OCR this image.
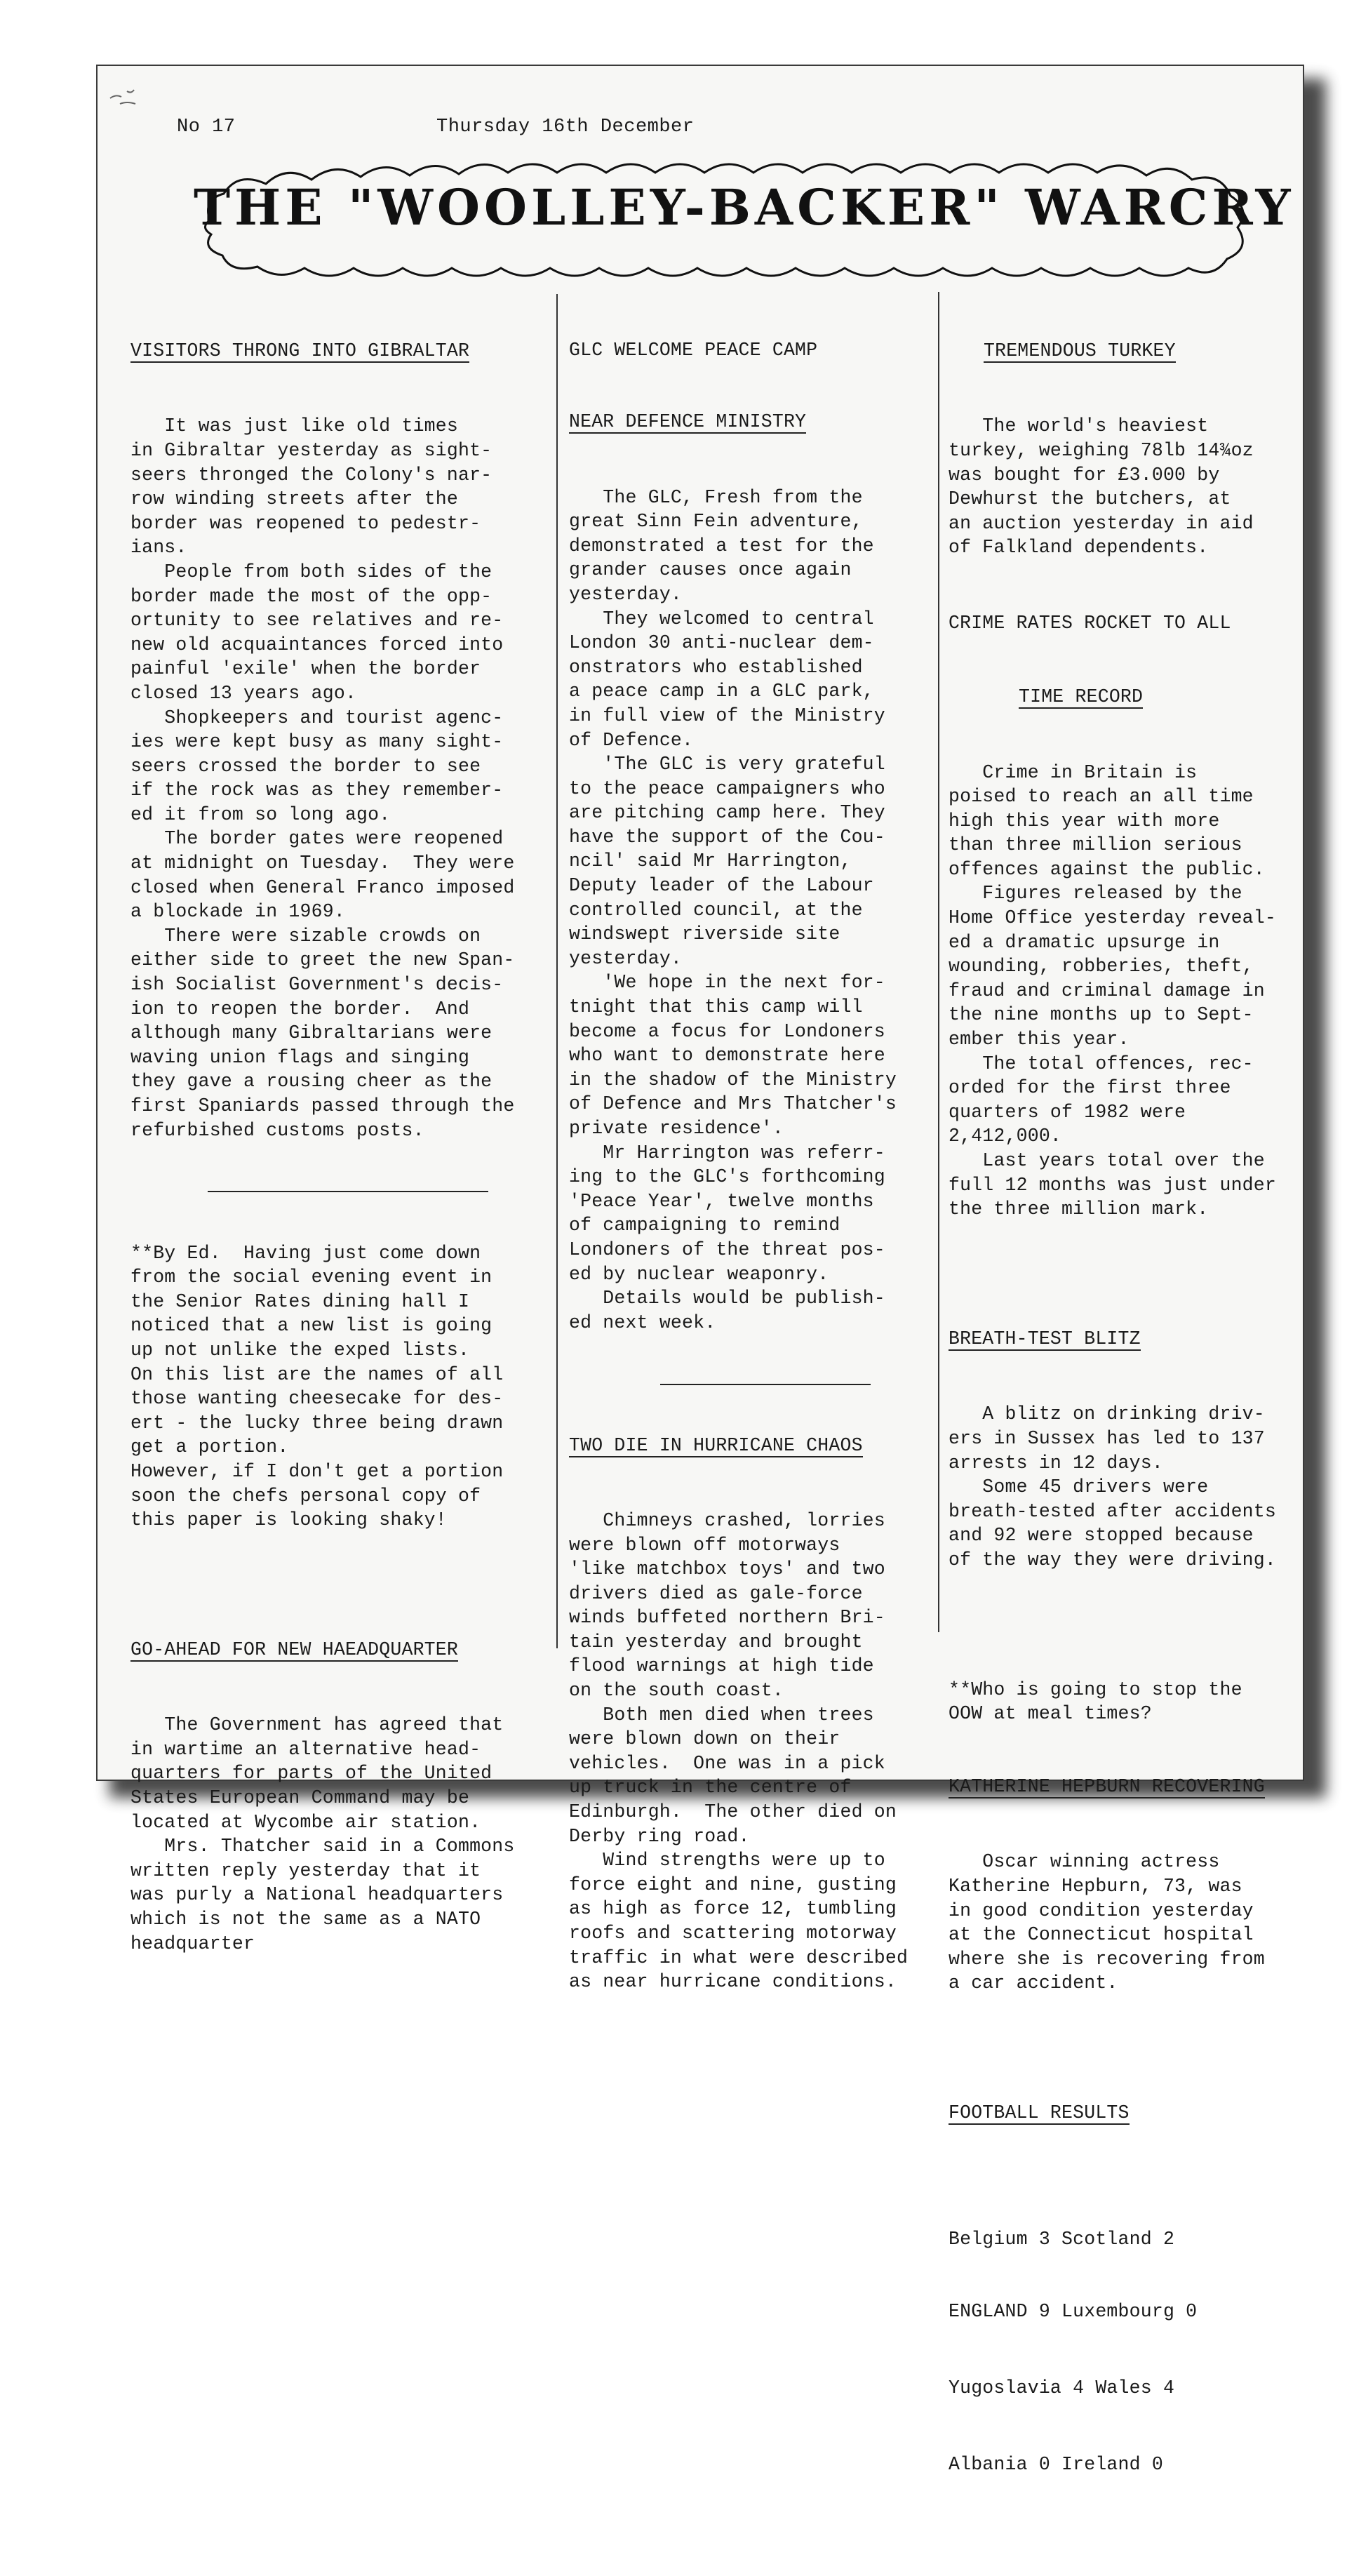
No 17	Thursday 16th December
THE "WOOLLEY-BACKER" WARCRY

VISITORS THRONG INTO GIBRALTAR

It was just like old times
in Gibraltar yesterday as sight-
seers thronged the Colony's nar-
row winding streets after the
border was reopened to pedestr-
ians.
People from both sides of the
border made the most of the opp-
ortunity to see relatives and re-
new old acquaintances forced into
painful 'exile' when the border
closed 13 years ago.
Shopkeepers and tourist agenc-
ies were kept busy as many sight-
seers crossed the border to see
if the rock was as they remember-
ed it from so long ago.
The border gates were reopened
at midnight on Tuesday.  They were
closed when General Franco imposed
a blockade in 1969.
There were sizable crowds on
either side to greet the new Span-
ish Socialist Government's decis-
ion to reopen the border.  And
although many Gibraltarians were
waving union flags and singing
they gave a rousing cheer as the
first Spaniards passed through the
refurbished customs posts.

**By Ed.  Having just come down
from the social evening event in
the Senior Rates dining hall I
noticed that a new list is going
up not unlike the exped lists.
On this list are the names of all
those wanting cheesecake for des-
ert - the lucky three being drawn
get a portion.
However, if I don't get a portion
soon the chefs personal copy of
this paper is looking shaky!

GO-AHEAD FOR NEW HAEADQUARTER

The Government has agreed that
in wartime an alternative head-
quarters for parts of the United
States European Command may be
located at Wycombe air station.
Mrs. Thatcher said in a Commons
written reply yesterday that it
was purly a National headquarters
which is not the same as a NATO
headquarter

GLC WELCOME PEACE CAMP

NEAR DEFENCE MINISTRY

The GLC, Fresh from the
great Sinn Fein adventure,
demonstrated a test for the
grander causes once again
yesterday.
They welcomed to central
London 30 anti-nuclear dem-
onstrators who established
a peace camp in a GLC park,
in full view of the Ministry
of Defence.
'The GLC is very grateful
to the peace campaigners who
are pitching camp here. They
have the support of the Cou-
ncil' said Mr Harrington,
Deputy leader of the Labour
controlled council, at the
windswept riverside site
yesterday.
'We hope in the next for-
tnight that this camp will
become a focus for Londoners
who want to demonstrate here
in the shadow of the Ministry
of Defence and Mrs Thatcher's
private residence'.
Mr Harrington was referr-
ing to the GLC's forthcoming
'Peace Year', twelve months
of campaigning to remind
Londoners of the threat pos-
ed by nuclear weaponry.
Details would be publish-
ed next week.

TWO DIE IN HURRICANE CHAOS

Chimneys crashed, lorries
were blown off motorways
'like matchbox toys' and two
drivers died as gale-force
winds buffeted northern Bri-
tain yesterday and brought
flood warnings at high tide
on the south coast.
Both men died when trees
were blown down on their
vehicles.  One was in a pick
up truck in the centre of
Edinburgh.  The other died on
Derby ring road.
Wind strengths were up to
force eight and nine, gusting
as high as force 12, tumbling
roofs and scattering motorway
traffic in what were described
as near hurricane conditions.

TREMENDOUS TURKEY

The world's heaviest
turkey, weighing 78lb 14¾oz
was bought for £3.000 by
Dewhurst the butchers, at
an auction yesterday in aid
of Falkland dependents.

CRIME RATES ROCKET TO ALL

TIME RECORD

Crime in Britain is
poised to reach an all time
high this year with more
than three million serious
offences against the public.
Figures released by the
Home Office yesterday reveal-
ed a dramatic upsurge in
wounding, robberies, theft,
fraud and criminal damage in
the nine months up to Sept-
ember this year.
The total offences, rec-
orded for the first three
quarters of 1982 were
2,412,000.
Last years total over the
full 12 months was just under
the three million mark.

BREATH-TEST BLITZ

A blitz on drinking driv-
ers in Sussex has led to 137
arrests in 12 days.
Some 45 drivers were
breath-tested after accidents
and 92 were stopped because
of the way they were driving.

**Who is going to stop the
OOW at meal times?

KATHERINE HEPBURN RECOVERING

Oscar winning actress
Katherine Hepburn, 73, was
in good condition yesterday
at the Connecticut hospital
where she is recovering from
a car accident.

FOOTBALL RESULTS

Belgium 3 Scotland 2

ENGLAND 9 Luxembourg 0

Yugoslavia 4 Wales 4

Albania 0 Ireland 0
